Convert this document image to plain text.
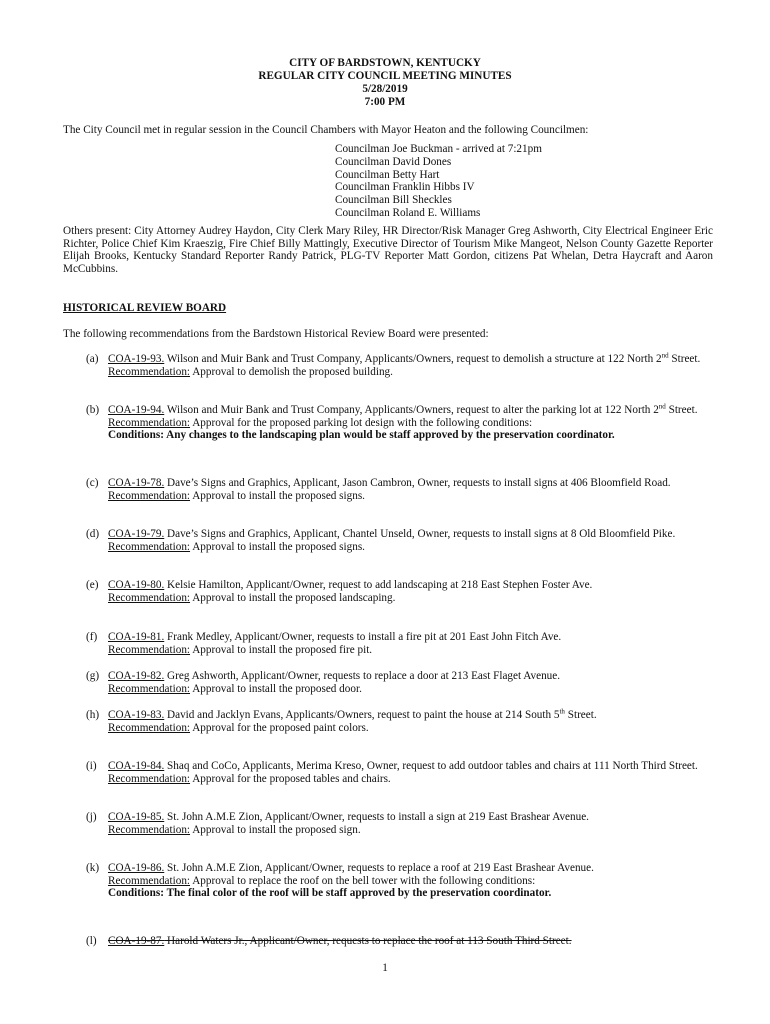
CITY OF BARDSTOWN, KENTUCKY
REGULAR CITY COUNCIL MEETING MINUTES
5/28/2019
7:00 PM
The City Council met in regular session in the Council Chambers with Mayor Heaton and the following Councilmen:
Councilman Joe Buckman - arrived at 7:21pm
Councilman David Dones
Councilman Betty Hart
Councilman Franklin Hibbs IV
Councilman Bill Sheckles
Councilman Roland E. Williams
Others present: City Attorney Audrey Haydon, City Clerk Mary Riley, HR Director/Risk Manager Greg Ashworth, City Electrical Engineer Eric Richter, Police Chief Kim Kraeszig, Fire Chief Billy Mattingly, Executive Director of Tourism Mike Mangeot, Nelson County Gazette Reporter Elijah Brooks, Kentucky Standard Reporter Randy Patrick, PLG-TV Reporter Matt Gordon, citizens Pat Whelan, Detra Haycraft and Aaron McCubbins.
HISTORICAL REVIEW BOARD
The following recommendations from the Bardstown Historical Review Board were presented:
(a) COA-19-93. Wilson and Muir Bank and Trust Company, Applicants/Owners, request to demolish a structure at 122 North 2nd Street.
Recommendation: Approval to demolish the proposed building.
(b) COA-19-94. Wilson and Muir Bank and Trust Company, Applicants/Owners, request to alter the parking lot at 122 North 2nd Street.
Recommendation: Approval for the proposed parking lot design with the following conditions:
Conditions: Any changes to the landscaping plan would be staff approved by the preservation coordinator.
(c) COA-19-78. Dave’s Signs and Graphics, Applicant, Jason Cambron, Owner, requests to install signs at 406 Bloomfield Road.
Recommendation: Approval to install the proposed signs.
(d) COA-19-79. Dave’s Signs and Graphics, Applicant, Chantel Unseld, Owner, requests to install signs at 8 Old Bloomfield Pike.
Recommendation: Approval to install the proposed signs.
(e) COA-19-80. Kelsie Hamilton, Applicant/Owner, request to add landscaping at 218 East Stephen Foster Ave.
Recommendation: Approval to install the proposed landscaping.
(f) COA-19-81. Frank Medley, Applicant/Owner, requests to install a fire pit at 201 East John Fitch Ave.
Recommendation: Approval to install the proposed fire pit.
(g) COA-19-82. Greg Ashworth, Applicant/Owner, requests to replace a door at 213 East Flaget Avenue.
Recommendation: Approval to install the proposed door.
(h) COA-19-83. David and Jacklyn Evans, Applicants/Owners, request to paint the house at 214 South 5th Street.
Recommendation: Approval for the proposed paint colors.
(i)	COA-19-84. Shaq and CoCo, Applicants, Merima Kreso, Owner, request to add outdoor tables and chairs at 111 North Third Street.
Recommendation: Approval for the proposed tables and chairs.
(j)	COA-19-85. St. John A.M.E Zion, Applicant/Owner, requests to install a sign at 219 East Brashear Avenue.
Recommendation: Approval to install the proposed sign.
(k) COA-19-86. St. John A.M.E Zion, Applicant/Owner, requests to replace a roof at 219 East Brashear Avenue.
Recommendation: Approval to replace the roof on the bell tower with the following conditions:
Conditions: The final color of the roof will be staff approved by the preservation coordinator.
(l)	COA-19-87. Harold Waters Jr., Applicant/Owner, requests to replace the roof at 113 South Third Street.
1
